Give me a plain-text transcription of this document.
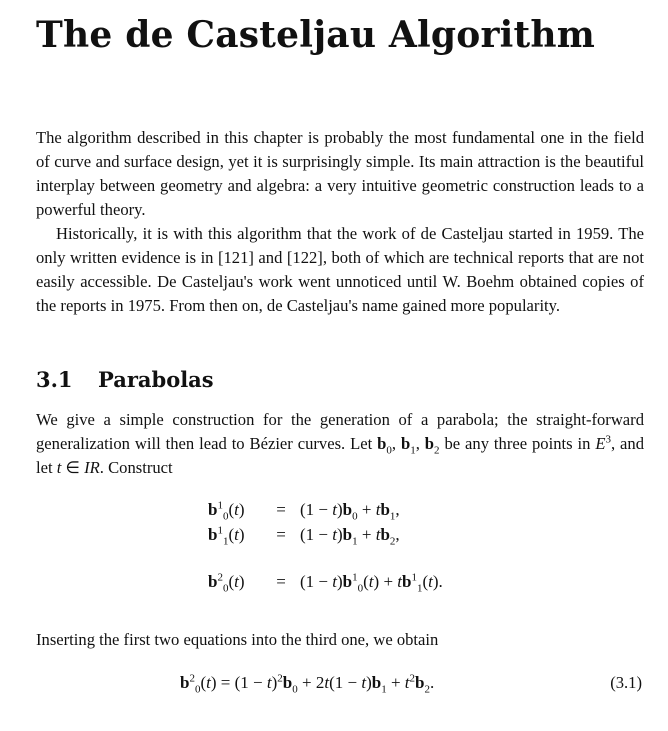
The de Casteljau Algorithm

The algorithm described in this chapter is probably the most fundamental one in the field of curve and surface design, yet it is surprisingly simple. Its main attraction is the beautiful interplay between geometry and algebra: a very intuitive geometric construction leads to a powerful theory.

Historically, it is with this algorithm that the work of de Casteljau started in 1959. The only written evidence is in [121] and [122], both of which are technical reports that are not easily accessible. De Casteljau's work went unnoticed until W. Boehm obtained copies of the reports in 1975. From then on, de Casteljau's name gained more popularity.

3.1 Parabolas

We give a simple construction for the generation of a parabola; the straight-forward generalization will then lead to Bézier curves. Let $b_0$, $b_1$, $b_2$ be any three points in $E^3$, and let t ∈ IR. Construct

$b^1_0(t)$	= $(1 - t)b_0 + tb_1$,
$b^1_1(t)$	= $(1 - t)b_1 + tb_2$,
$b^2_0(t)$	= $(1 - t)b^1_0(t) + tb^1_1(t)$.

Inserting the first two equations into the third one, we obtain

$b^2_0(t) = (1 - t)^2b_0 + 2t(1 - t)b_1 + t^2b_2$.	(3.1)
